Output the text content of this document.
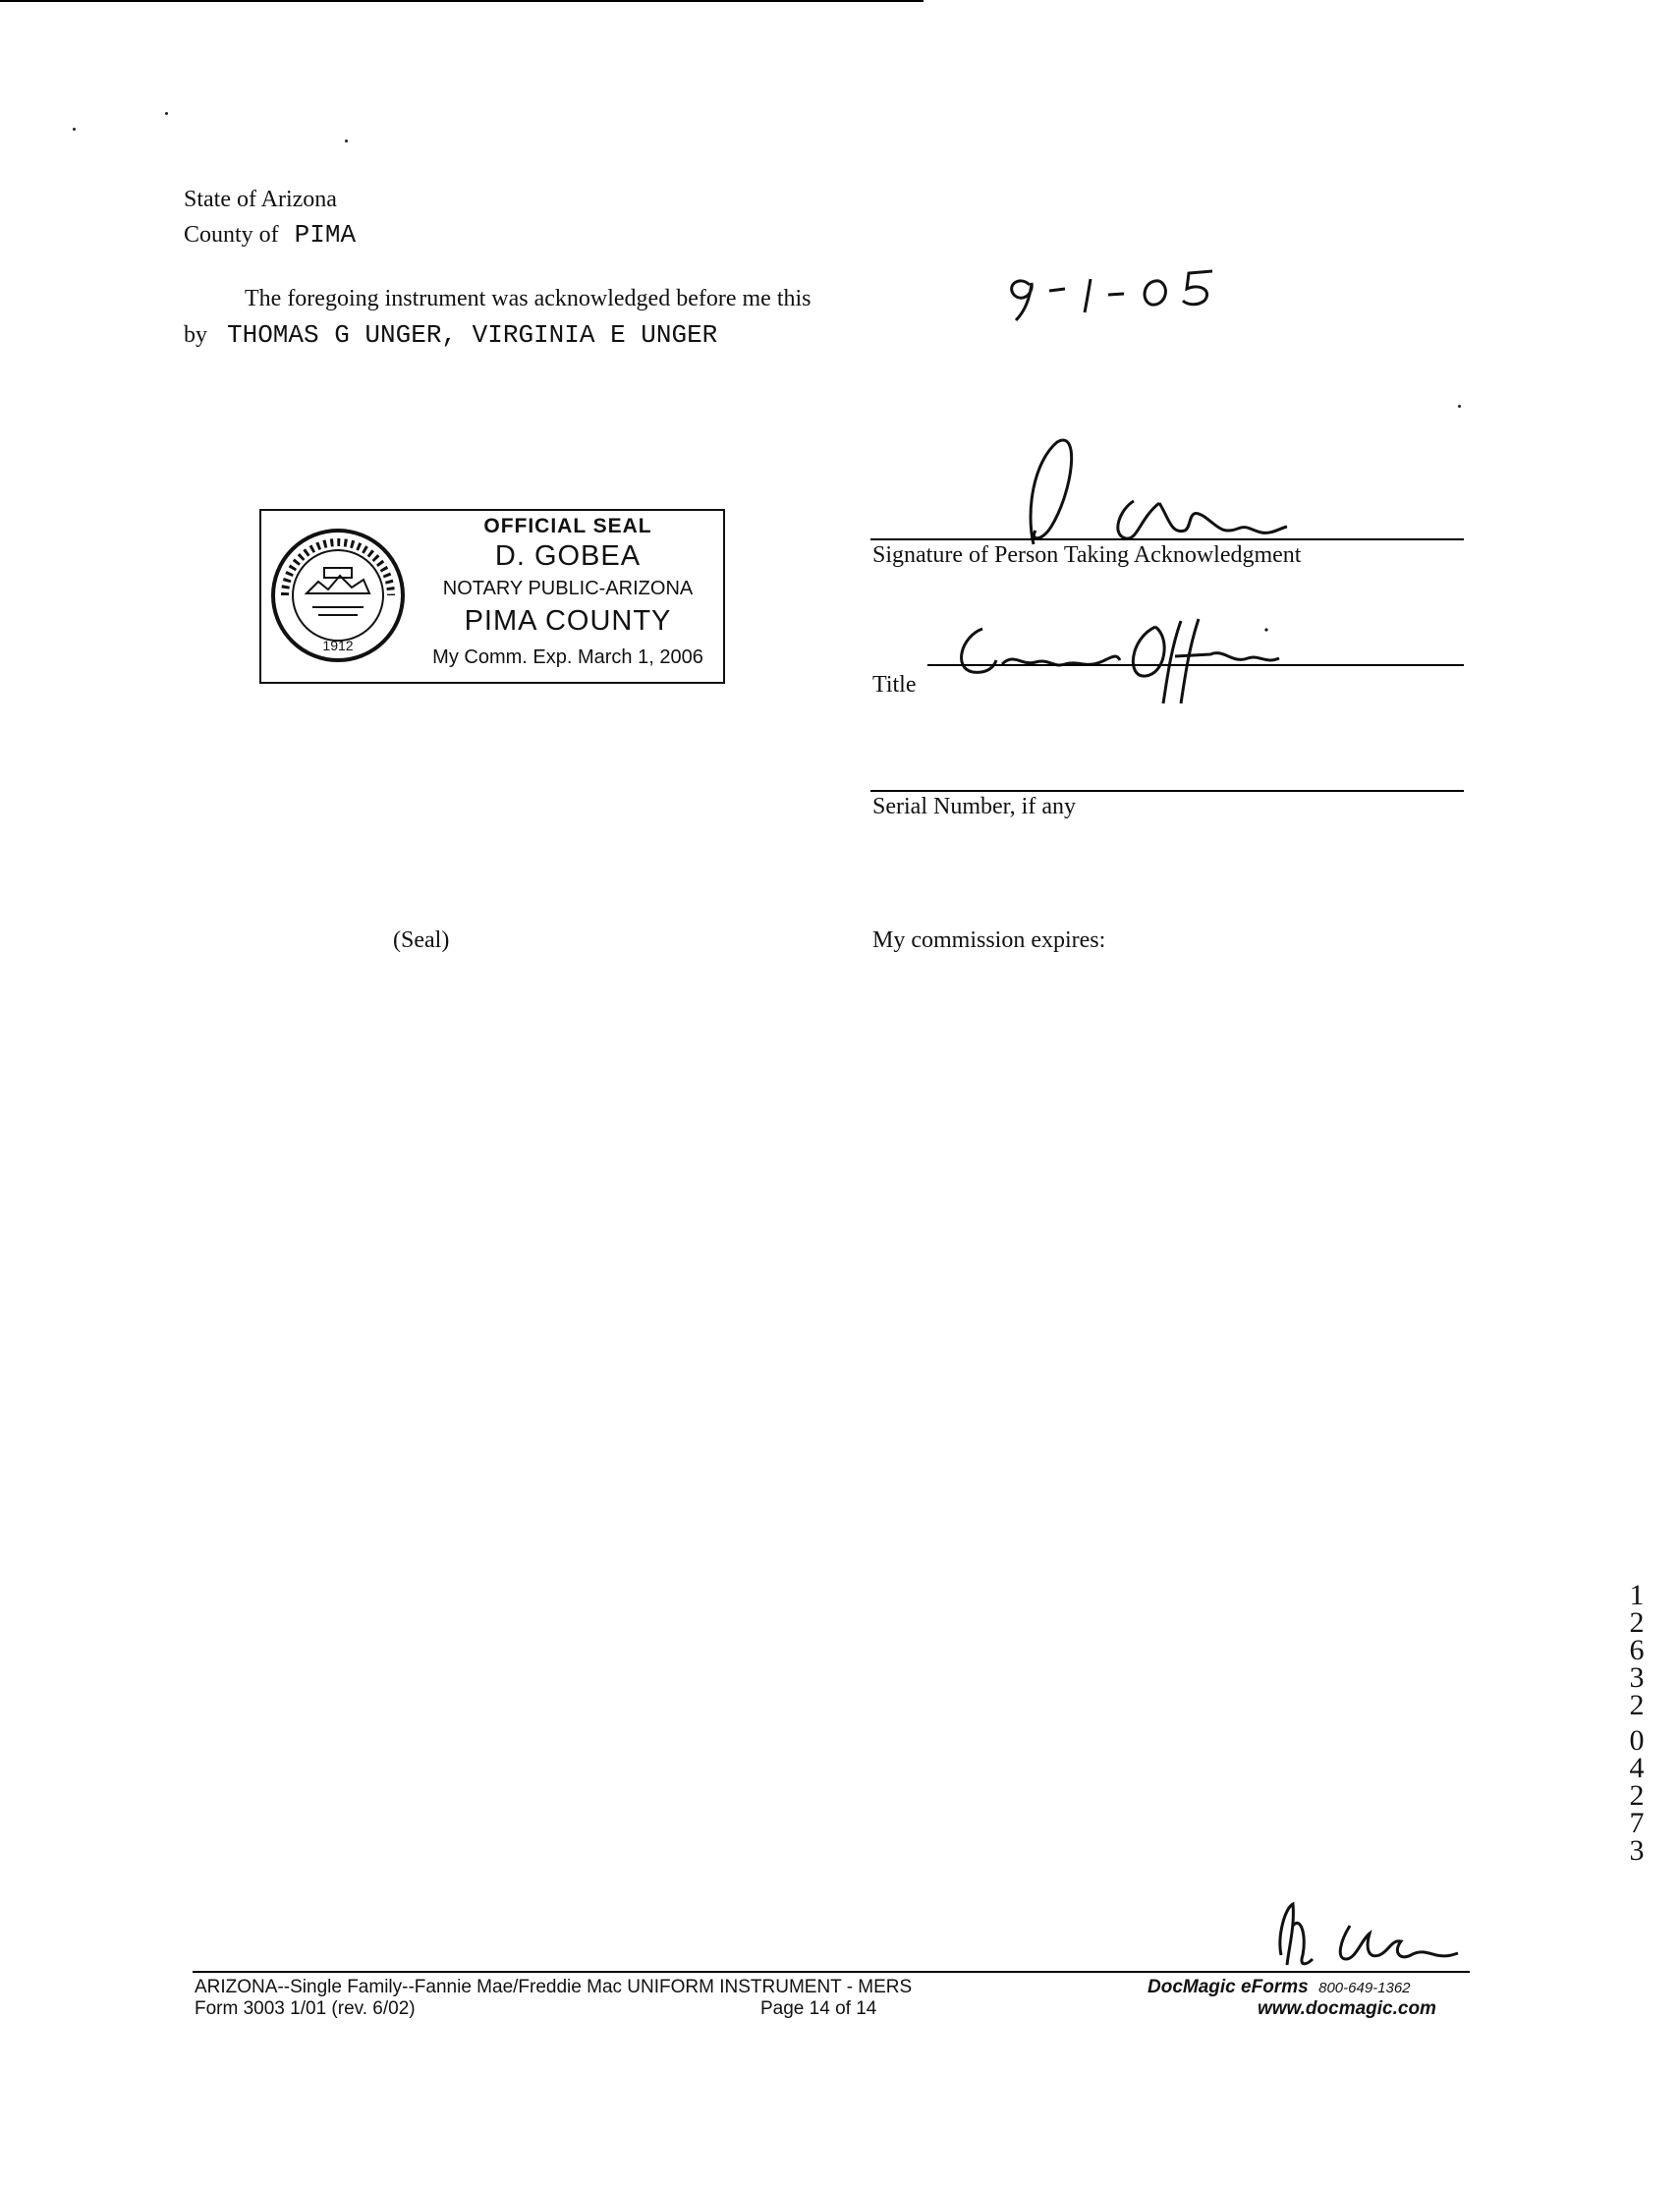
State of Arizona
County of PIMA
The foregoing instrument was acknowledged before me this
by THOMAS G UNGER, VIRGINIA E UNGER
1912
OFFICIAL SEAL
D. GOBEA
NOTARY PUBLIC-ARIZONA
PIMA COUNTY
My Comm. Exp. March 1, 2006
Signature of Person Taking Acknowledgment
Title
Serial Number, if any
(Seal)	My commission expires:
1
2
6
3
2
0
4
2
7
3
ARIZONA--Single Family--Fannie Mae/Freddie Mac UNIFORM INSTRUMENT - MERS
Form 3003 1/01 (rev. 6/02)	Page 14 of 14
DocMagic eForms 800-649-1362
www.docmagic.com
